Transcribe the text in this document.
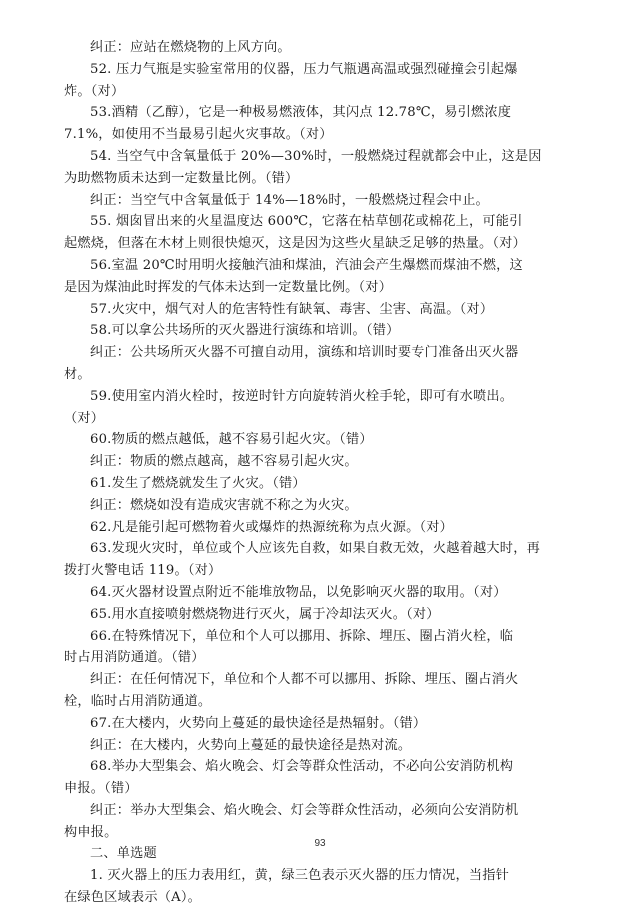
纠正：应站在燃烧物的上风方向。
52. 压力气瓶是实验室常用的仪器，压力气瓶遇高温或强烈碰撞会引起爆
炸。（对）
53.酒精（乙醇），它是一种极易燃液体，其闪点 12.78℃，易引燃浓度
7.1%，如使用不当最易引起火灾事故。（对）
54. 当空气中含氧量低于 20%—30%时，一般燃烧过程就都会中止，这是因
为助燃物质未达到一定数量比例。（错）
纠正：当空气中含氧量低于 14%—18%时，一般燃烧过程会中止。
55. 烟囱冒出来的火星温度达 600℃，它落在枯草刨花或棉花上，可能引
起燃烧，但落在木材上则很快熄灭，这是因为这些火星缺乏足够的热量。（对）
56.室温 20℃时用明火接触汽油和煤油，汽油会产生爆燃而煤油不燃，这
是因为煤油此时挥发的气体未达到一定数量比例。（对）
57.火灾中，烟气对人的危害特性有缺氧、毒害、尘害、高温。（对）
58.可以拿公共场所的灭火器进行演练和培训。（错）
纠正：公共场所灭火器不可擅自动用，演练和培训时要专门准备出灭火器
材。
59.使用室内消火栓时，按逆时针方向旋转消火栓手轮，即可有水喷出。
（对）
60.物质的燃点越低，越不容易引起火灾。（错）
纠正：物质的燃点越高，越不容易引起火灾。
61.发生了燃烧就发生了火灾。（错）
纠正：燃烧如没有造成灾害就不称之为火灾。
62.凡是能引起可燃物着火或爆炸的热源统称为点火源。（对）
63.发现火灾时，单位或个人应该先自救，如果自救无效，火越着越大时，再
拨打火警电话 119。（对）
64.灭火器材设置点附近不能堆放物品，以免影响灭火器的取用。（对）
65.用水直接喷射燃烧物进行灭火，属于冷却法灭火。（对）
66.在特殊情况下，单位和个人可以挪用、拆除、埋压、圈占消火栓，临
时占用消防通道。（错）
纠正：在任何情况下，单位和个人都不可以挪用、拆除、埋压、圈占消火
栓，临时占用消防通道。
67.在大楼内，火势向上蔓延的最快途径是热辐射。（错）
纠正：在大楼内，火势向上蔓延的最快途径是热对流。
68.举办大型集会、焰火晚会、灯会等群众性活动，不必向公安消防机构
申报。（错）
纠正：举办大型集会、焰火晚会、灯会等群众性活动，必须向公安消防机
构申报。
二、单选题
1. 灭火器上的压力表用红，黄，绿三色表示灭火器的压力情况，当指针
在绿色区域表示（A）。
93
